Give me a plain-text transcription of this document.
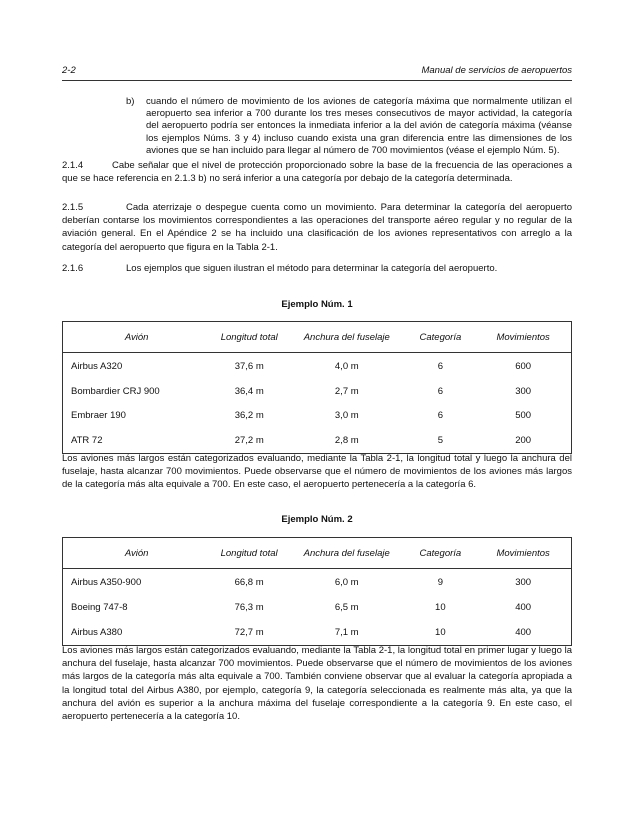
2-2	Manual de servicios de aeropuertos
b) cuando el número de movimiento de los aviones de categoría máxima que normalmente utilizan el aeropuerto sea inferior a 700 durante los tres meses consecutivos de mayor actividad, la categoría del aeropuerto podría ser entonces la inmediata inferior a la del avión de categoría máxima (véanse los ejemplos Núms. 3 y 4) incluso cuando exista una gran diferencia entre las dimensiones de los aviones que se han incluido para llegar al número de 700 movimientos (véase el ejemplo Núm. 5).
2.1.4	Cabe señalar que el nivel de protección proporcionado sobre la base de la frecuencia de las operaciones a que se hace referencia en 2.1.3 b) no será inferior a una categoría por debajo de la categoría determinada.
2.1.5	Cada aterrizaje o despegue cuenta como un movimiento. Para determinar la categoría del aeropuerto deberían contarse los movimientos correspondientes a las operaciones del transporte aéreo regular y no regular de la aviación general. En el Apéndice 2 se ha incluido una clasificación de los aviones representativos con arreglo a la categoría del aeropuerto que figura en la Tabla 2-1.
2.1.6	Los ejemplos que siguen ilustran el método para determinar la categoría del aeropuerto.
Ejemplo Núm. 1
Avión	Longitud total	Anchura del fuselaje	Categoría	Movimientos
Airbus A320	37,6 m	4,0 m	6	600
Bombardier CRJ 900	36,4 m	2,7 m	6	300
Embraer 190	36,2 m	3,0 m	6	500
ATR 72	27,2 m	2,8 m	5	200
Los aviones más largos están categorizados evaluando, mediante la Tabla 2-1, la longitud total y luego la anchura del fuselaje, hasta alcanzar 700 movimientos. Puede observarse que el número de movimientos de los aviones más largos de la categoría más alta equivale a 700. En este caso, el aeropuerto pertenecería a la categoría 6.
Ejemplo Núm. 2
Avión	Longitud total	Anchura del fuselaje	Categoría	Movimientos
Airbus A350-900	66,8 m	6,0 m	9	300
Boeing 747-8	76,3 m	6,5 m	10	400
Airbus A380	72,7 m	7,1 m	10	400
Los aviones más largos están categorizados evaluando, mediante la Tabla 2-1, la longitud total en primer lugar y luego la anchura del fuselaje, hasta alcanzar 700 movimientos. Puede observarse que el número de movimientos de los aviones más largos de la categoría más alta equivale a 700. También conviene observar que al evaluar la categoría apropiada a la longitud total del Airbus A380, por ejemplo, categoría 9, la categoría seleccionada es realmente más alta, ya que la anchura del avión es superior a la anchura máxima del fuselaje correspondiente a la categoría 9. En este caso, el aeropuerto pertenecería a la categoría 10.
